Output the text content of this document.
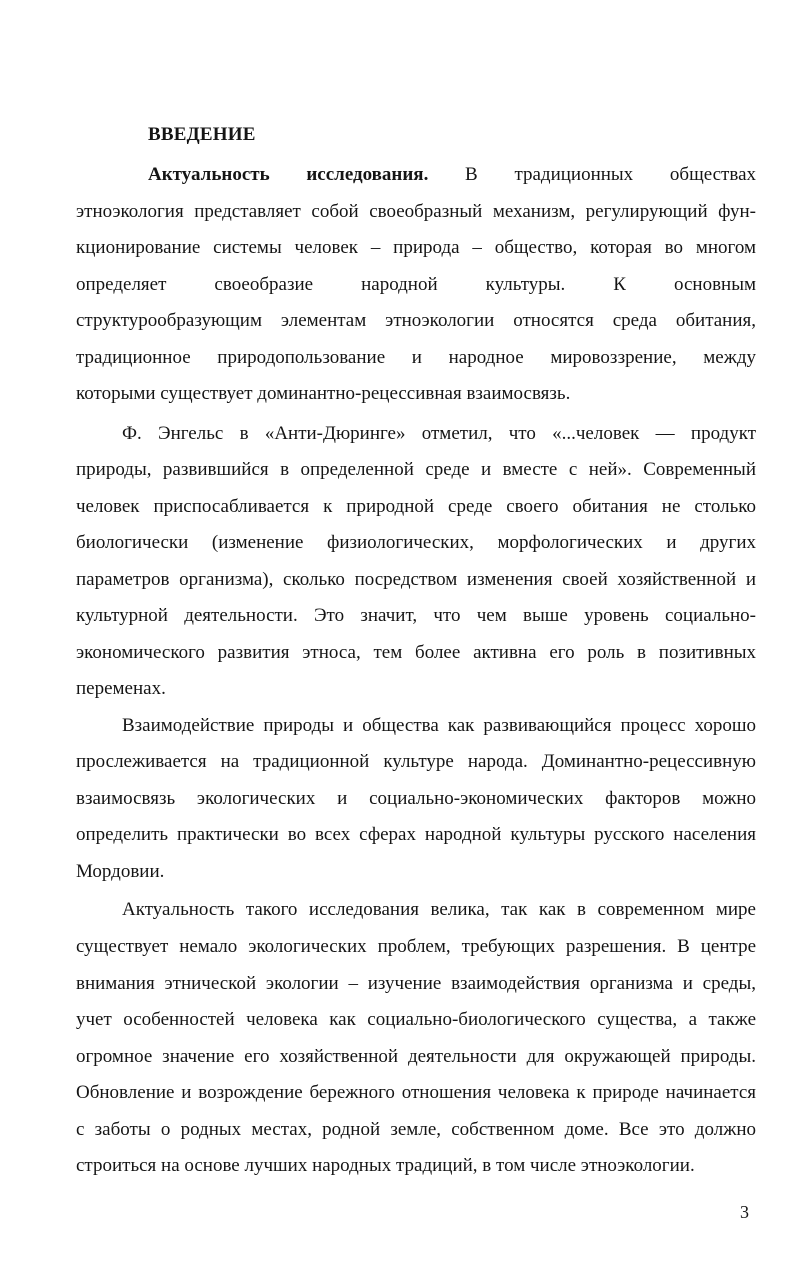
ВВЕДЕНИЕ
Актуальность исследования. В традиционных обществах
этноэкология представляет собой своеобразный механизм, регулирующий фун-
кционирование системы человек – природа – общество, которая во многом
определяет своеобразие народной культуры. К основным
структурообразующим элементам этноэкологии относятся среда обитания,
традиционное природопользование и народное мировоззрение, между
которыми существует доминантно-рецессивная взаимосвязь.
Ф. Энгельс в «Анти-Дюринге» отметил, что «...человек — продукт
природы, развившийся в определенной среде и вместе с ней». Современный
человек приспосабливается к природной среде своего обитания не столько
биологически (изменение физиологических, морфологических и других
параметров организма), сколько посредством изменения своей хозяйственной и
культурной деятельности. Это значит, что чем выше уровень социально-
экономического развития этноса, тем более активна его роль в позитивных
переменах.
Взаимодействие природы и общества как развивающийся процесс хорошо
прослеживается на традиционной культуре народа. Доминантно-рецессивную
взаимосвязь экологических и социально-экономических факторов можно
определить практически во всех сферах народной культуры русского населения
Мордовии.
Актуальность такого исследования велика, так как в современном мире
существует немало экологических проблем, требующих разрешения. В центре
внимания этнической экологии – изучение взаимодействия организма и среды,
учет особенностей человека как социально-биологического существа, а также
огромное значение его хозяйственной деятельности для окружающей природы.
Обновление и возрождение бережного отношения человека к природе начинается
с заботы о родных местах, родной земле, собственном доме. Все это должно
строиться на основе лучших народных традиций, в том числе этноэкологии.
3
